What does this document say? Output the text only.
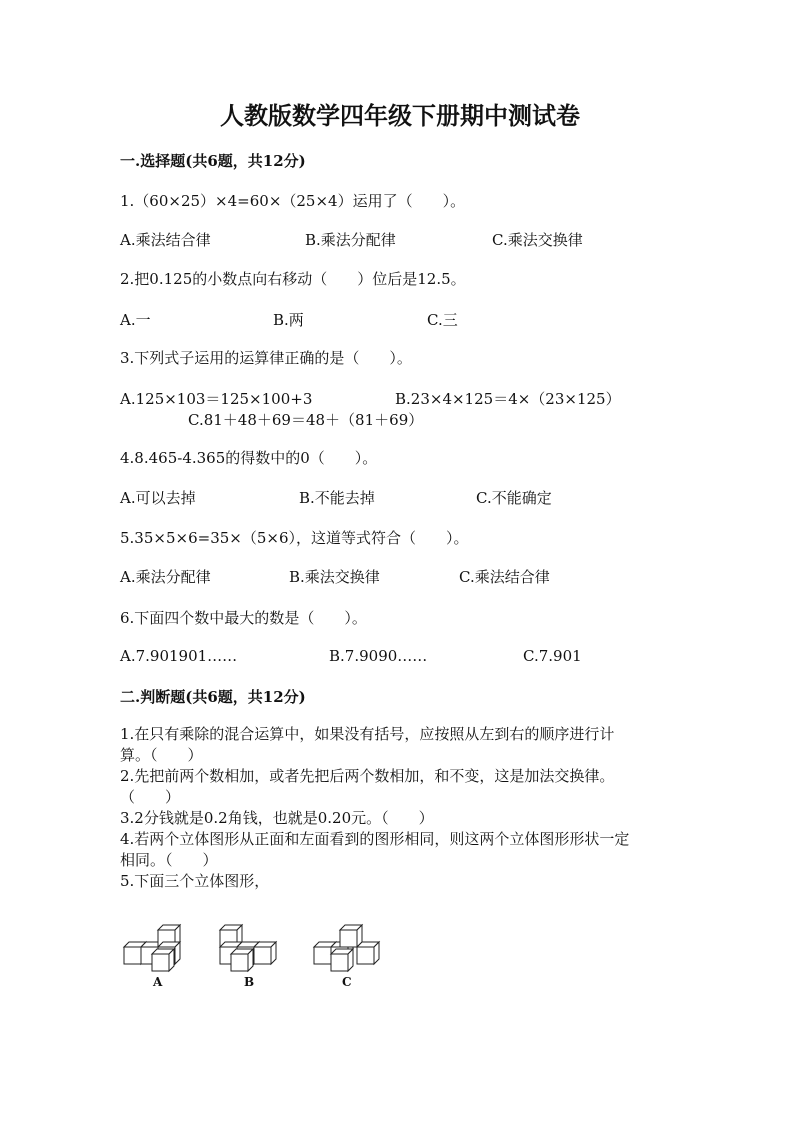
人教版数学四年级下册期中测试卷
一.选择题(共6题，共12分)
1.（60×25）×4=60×（25×4）运用了（　　）。
A.乘法结合律	B.乘法分配律	C.乘法交换律
2.把0.125的小数点向右移动（　　）位后是12.5。
A.一	B.两	C.三
3.下列式子运用的运算律正确的是（　　）。
A.125×103＝125×100+3	B.23×4×125＝4×（23×125）
C.81＋48＋69＝48＋（81＋69）
4.8.465-4.365的得数中的0（　　）。
A.可以去掉	B.不能去掉	C.不能确定
5.35×5×6=35×（5×6），这道等式符合（　　）。
A.乘法分配律	B.乘法交换律	C.乘法结合律
6.下面四个数中最大的数是（　　）。
A.7.901901……	B.7.9090……	C.7.901
二.判断题(共6题，共12分)
1.在只有乘除的混合运算中，如果没有括号，应按照从左到右的顺序进行计
算。（　　）
2.先把前两个数相加，或者先把后两个数相加，和不变，这是加法交换律。
（　　）
3.2分钱就是0.2角钱，也就是0.20元。（　　）
4.若两个立体图形从正面和左面看到的图形相同，则这两个立体图形形状一定
相同。（　　）
5.下面三个立体图形，
A	B	C
